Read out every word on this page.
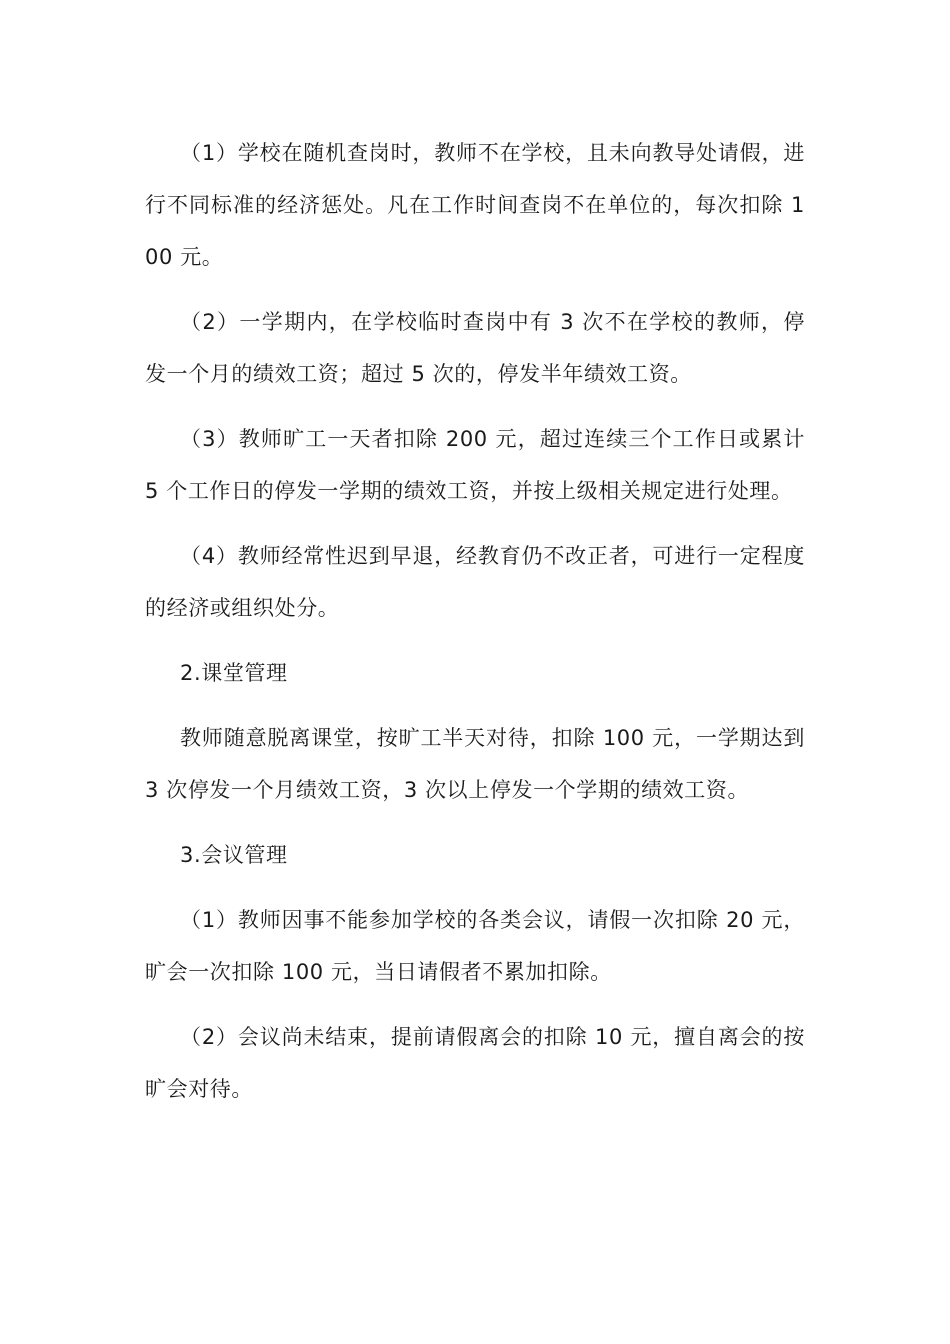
（1）学校在随机查岗时，教师不在学校，且未向教导处请假，进行不同标准的经济惩处。凡在工作时间查岗不在单位的，每次扣除 100 元。

（2）一学期内，在学校临时查岗中有 3 次不在学校的教师，停发一个月的绩效工资；超过 5 次的，停发半年绩效工资。

（3）教师旷工一天者扣除 200 元，超过连续三个工作日或累计 5 个工作日的停发一学期的绩效工资，并按上级相关规定进行处理。

（4）教师经常性迟到早退，经教育仍不改正者，可进行一定程度的经济或组织处分。

2.课堂管理

教师随意脱离课堂，按旷工半天对待，扣除 100 元，一学期达到 3 次停发一个月绩效工资，3 次以上停发一个学期的绩效工资。

3.会议管理

（1）教师因事不能参加学校的各类会议，请假一次扣除 20 元，旷会一次扣除 100 元，当日请假者不累加扣除。

（2）会议尚未结束，提前请假离会的扣除 10 元，擅自离会的按旷会对待。
